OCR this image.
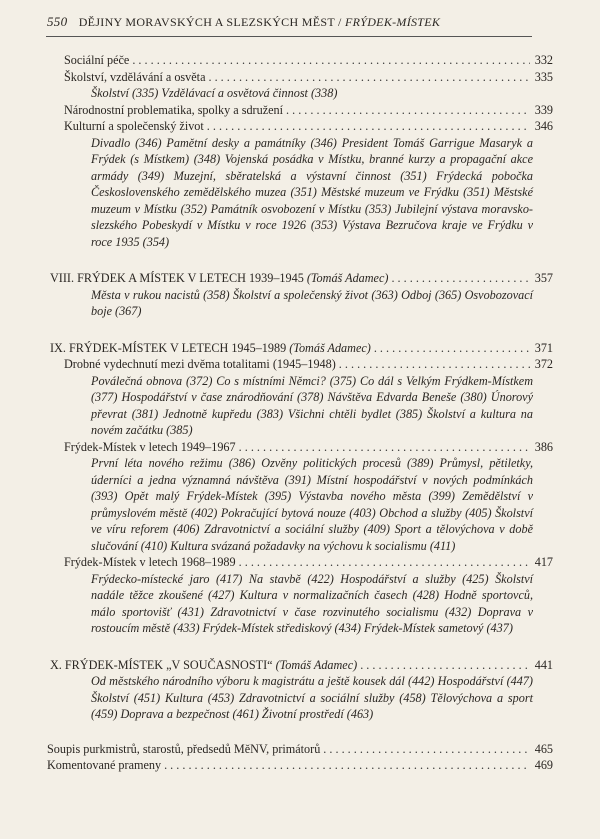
550 DĚJINY MORAVSKÝCH A SLEZSKÝCH MĚST / FRÝDEK-MÍSTEK
Sociální péče . . .	332
Školství, vzdělávání a osvěta . . .	335
Školství (335) Vzdělávací a osvětová činnost (338)
Národnostní problematika, spolky a sdružení . . .	339
Kulturní a společenský život . . .	346
Divadlo (346) Pamětní desky a památníky (346) President Tomáš Garrigue Masaryk a Frýdek (s Místkem) (348) Vojenská posádka v Místku, branné kurzy a propagační akce armády (349) Muzejní, sběratelská a výstavní činnost (351) Frýdecká pobočka Československého zemědělského muzea (351) Městské muzeum ve Frýdku (351) Městské muzeum v Místku (352) Památník osvobození v Místku (353) Jubilejní výstava moravsko-slezského Pobeskydí v Místku v roce 1926 (353) Výstava Bezručova kraje ve Frýdku v roce 1935 (354)
VIII. FRÝDEK A MÍSTEK V LETECH 1939–1945 (Tomáš Adamec) . . .	357
Města v rukou nacistů (358) Školství a společenský život (363) Odboj (365) Osvobozovací boje (367)
IX. FRÝDEK-MÍSTEK V LETECH 1945–1989 (Tomáš Adamec) . . .	371
Drobné vydechnutí mezi dvěma totalitami (1945–1948) . . .	372
Poválečná obnova (372) Co s místními Němci? (375) Co dál s Velkým Frýdkem-Místkem (377) Hospodářství v čase znárodňování (378) Návštěva Edvarda Beneše (380) Únorový převrat (381) Jednotně kupředu (383) Všichni chtěli bydlet (385) Školství a kultura na novém začátku (385)
Frýdek-Místek v letech 1949–1967 . . .	386
První léta nového režimu (386) Ozvěny politických procesů (389) Průmysl, pětiletky, úderníci a jedna významná návštěva (391) Místní hospodářství v nových podmínkách (393) Opět malý Frýdek-Místek (395) Výstavba nového města (399) Zemědělství v průmyslovém městě (402) Pokračující bytová nouze (403) Obchod a služby (405) Školství ve víru reforem (406) Zdravotnictví a sociální služby (409) Sport a tělovýchova v době slučování (410) Kultura svázaná požadavky na výchovu k socialismu (411)
Frýdek-Místek v letech 1968–1989 . . .	417
Frýdecko-místecké jaro (417) Na stavbě (422) Hospodářství a služby (425) Školství nadále těžce zkoušené (427) Kultura v normalizačních časech (428) Hodně sportovců, málo sportovišť (431) Zdravotnictví v čase rozvinutého socialismu (432) Doprava v rostoucím městě (433) Frýdek-Místek střediskový (434) Frýdek-Místek sametový (437)
X. FRÝDEK-MÍSTEK „V SOUČASNOSTI“ (Tomáš Adamec) . . .	441
Od městského národního výboru k magistrátu a ještě kousek dál (442) Hospodářství (447) Školství (451) Kultura (453) Zdravotnictví a sociální služby (458) Tělovýchova a sport (459) Doprava a bezpečnost (461) Životní prostředí (463)
Soupis purkmistrů, starostů, předsedů MěNV, primátorů . . .	465
Komentované prameny . . .	469
